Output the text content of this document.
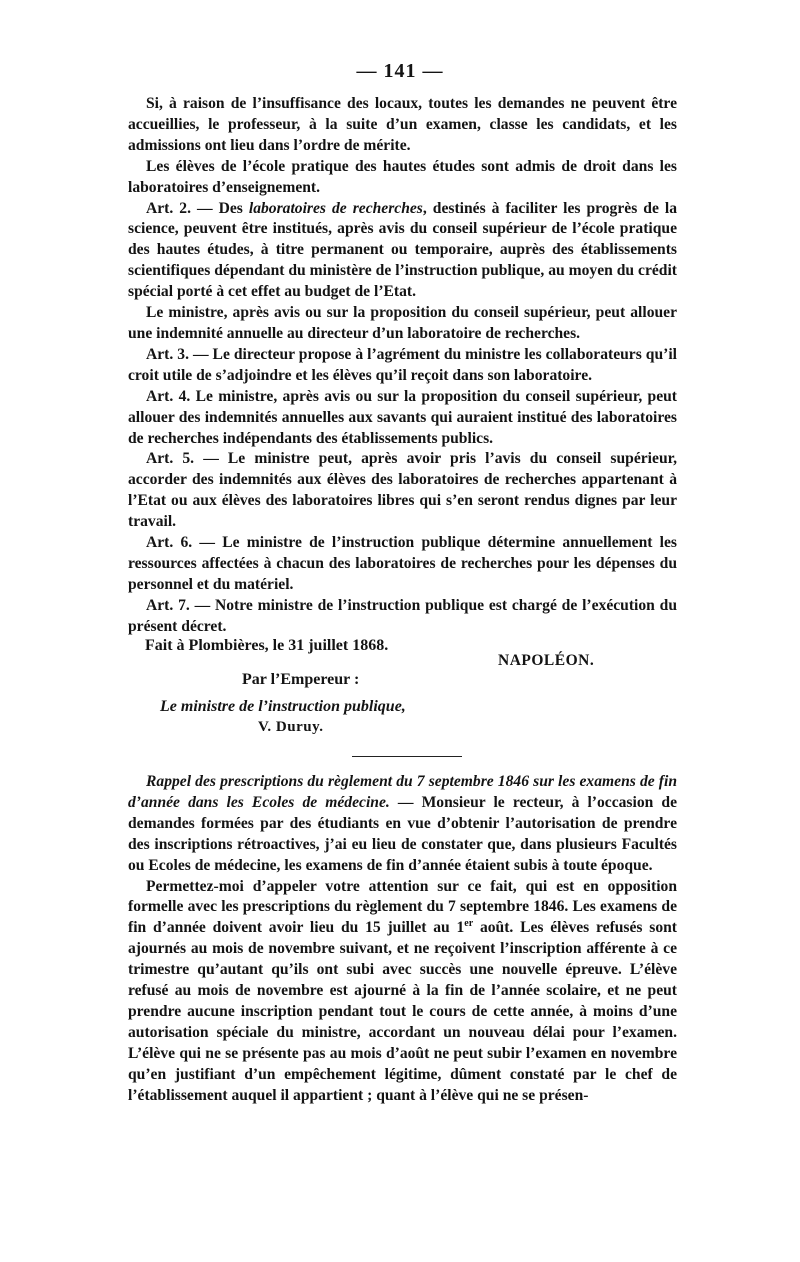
— 141 —

Si, à raison de l’insuffisance des locaux, toutes les demandes ne peuvent être accueillies, le professeur, à la suite d’un examen, classe les candidats, et les admissions ont lieu dans l’ordre de mérite.

Les élèves de l’école pratique des hautes études sont admis de droit dans les laboratoires d’enseignement.

Art. 2. — Des laboratoires de recherches, destinés à faciliter les progrès de la science, peuvent être institués, après avis du conseil supérieur de l’école pratique des hautes études, à titre permanent ou temporaire, auprès des établissements scientifiques dépendant du ministère de l’instruction publique, au moyen du crédit spécial porté à cet effet au budget de l’Etat.

Le ministre, après avis ou sur la proposition du conseil supérieur, peut allouer une indemnité annuelle au directeur d’un laboratoire de recherches.

Art. 3. — Le directeur propose à l’agrément du ministre les collaborateurs qu’il croit utile de s’adjoindre et les élèves qu’il reçoit dans son laboratoire.

Art. 4. Le ministre, après avis ou sur la proposition du conseil supérieur, peut allouer des indemnités annuelles aux savants qui auraient institué des laboratoires de recherches indépendants des établissements publics.

Art. 5. — Le ministre peut, après avoir pris l’avis du conseil supérieur, accorder des indemnités aux élèves des laboratoires de recherches appartenant à l’Etat ou aux élèves des laboratoires libres qui s’en seront rendus dignes par leur travail.

Art. 6. — Le ministre de l’instruction publique détermine annuellement les ressources affectées à chacun des laboratoires de recherches pour les dépenses du personnel et du matériel.

Art. 7. — Notre ministre de l’instruction publique est chargé de l’exécution du présent décret.

Fait à Plombières, le 31 juillet 1868.
NAPOLÉON.
Par l’Empereur :
Le ministre de l’instruction publique,
V. Duruy.

Rappel des prescriptions du règlement du 7 septembre 1846 sur les examens de fin d’année dans les Ecoles de médecine. — Monsieur le recteur, à l’occasion de demandes formées par des étudiants en vue d’obtenir l’autorisation de prendre des inscriptions rétroactives, j’ai eu lieu de constater que, dans plusieurs Facultés ou Ecoles de médecine, les examens de fin d’année étaient subis à toute époque.

Permettez-moi d’appeler votre attention sur ce fait, qui est en opposition formelle avec les prescriptions du règlement du 7 septembre 1846. Les examens de fin d’année doivent avoir lieu du 15 juillet au 1er août. Les élèves refusés sont ajournés au mois de novembre suivant, et ne reçoivent l’inscription afférente à ce trimestre qu’autant qu’ils ont subi avec succès une nouvelle épreuve. L’élève refusé au mois de novembre est ajourné à la fin de l’année scolaire, et ne peut prendre aucune inscription pendant tout le cours de cette année, à moins d’une autorisation spéciale du ministre, accordant un nouveau délai pour l’examen. L’élève qui ne se présente pas au mois d’août ne peut subir l’examen en novembre qu’en justifiant d’un empêchement légitime, dûment constaté par le chef de l’établissement auquel il appartient ; quant à l’élève qui ne se présen-
